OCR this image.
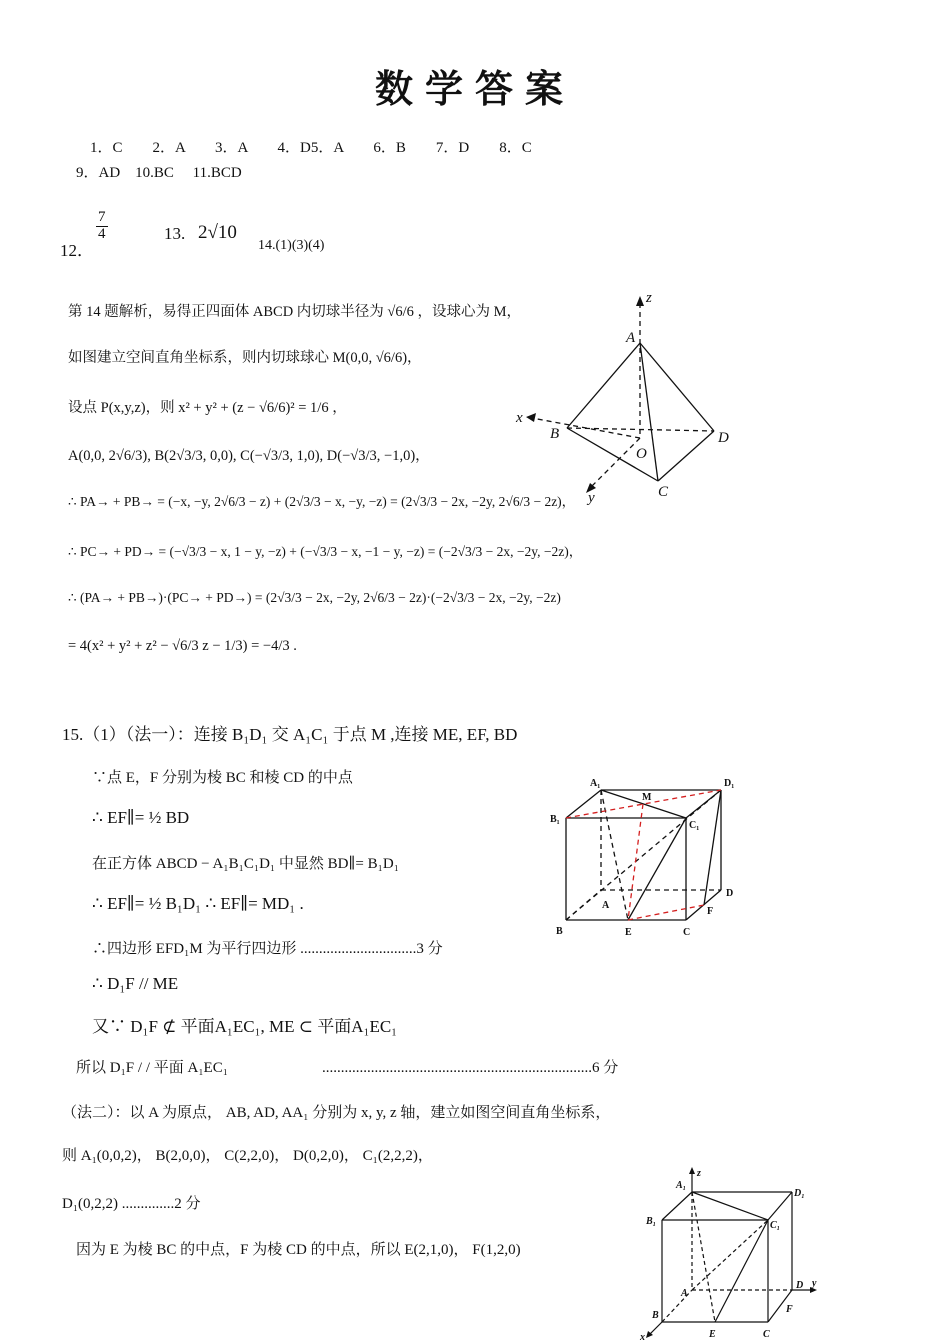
数学答案
1．C　　2．A　　3．A　　4．D5．A　　6．B　　7．D　　8．C
9．AD　10.BC　 11.BCD
12．
$\frac{7}{4}$	13. 2√10
14.(1)(3)(4)
第 14 题解析，易得正四面体 ABCD 内切球半径为 √6/6 ，设球心为 M，
如图建立空间直角坐标系，则内切球球心 M(0,0, √6/6)，
设点 P(x,y,z)，则 x² + y² + (z − √6/6)² = 1/6 ，
A(0,0, 2√6/3), B(2√3/3, 0,0), C(−√3/3, 1,0), D(−√3/3, −1,0)，
∴ PA→ + PB→ = (−x, −y, 2√6/3 − z) + (2√3/3 − x, −y, −z) = (2√3/3 − 2x, −2y, 2√6/3 − 2z)，
∴ PC→ + PD→ = (−√3/3 − x, 1 − y, −z) + (−√3/3 − x, −1 − y, −z) = (−2√3/3 − 2x, −2y, −2z)，
∴ (PA→ + PB→)·(PC→ + PD→) = (2√3/3 − 2x, −2y, 2√6/3 − 2z)·(−2√3/3 − 2x, −2y, −2z)
= 4(x² + y² + z² − √6/3 z − 1/3) = −4/3 .
z
A
x
B	D
O
C
y
15.（1）（法一）：连接 B₁D₁ 交 A₁C₁ 于点 M ,连接 ME, EF, BD
∵点 E，F 分别为棱 BC 和棱 CD 的中点
∴ EF∥= ½ BD
在正方体 ABCD − A₁B₁C₁D₁ 中显然 BD∥= B₁D₁
∴ EF∥= ½ B₁D₁ ∴ EF∥= MD₁ .
∴四边形 EFD₁M 为平行四边形 ...............................3 分
∴ D₁F // ME
又∵ D₁F ⊄ 平面A₁EC₁, ME ⊂ 平面A₁EC₁
所以 D₁F / / 平面 A₁EC₁	........................................................................6 分
（法二）：以 A 为原点， AB, AD, AA₁ 分别为 x, y, z 轴，建立如图空间直角坐标系，
则 A₁(0,0,2)， B(2,0,0)， C(2,2,0)， D(0,2,0)， C₁(2,2,2)，
D₁(0,2,2) ..............2 分
因为 E 为棱 BC 的中点，F 为棱 CD 的中点，所以 E(2,1,0)， F(1,2,0)
A₁
M
D₁
B₁
C₁
A
D
F
B	E	C
A₁
z
D₁
B₁	C₁
A
D y
B
F
x	E	C
